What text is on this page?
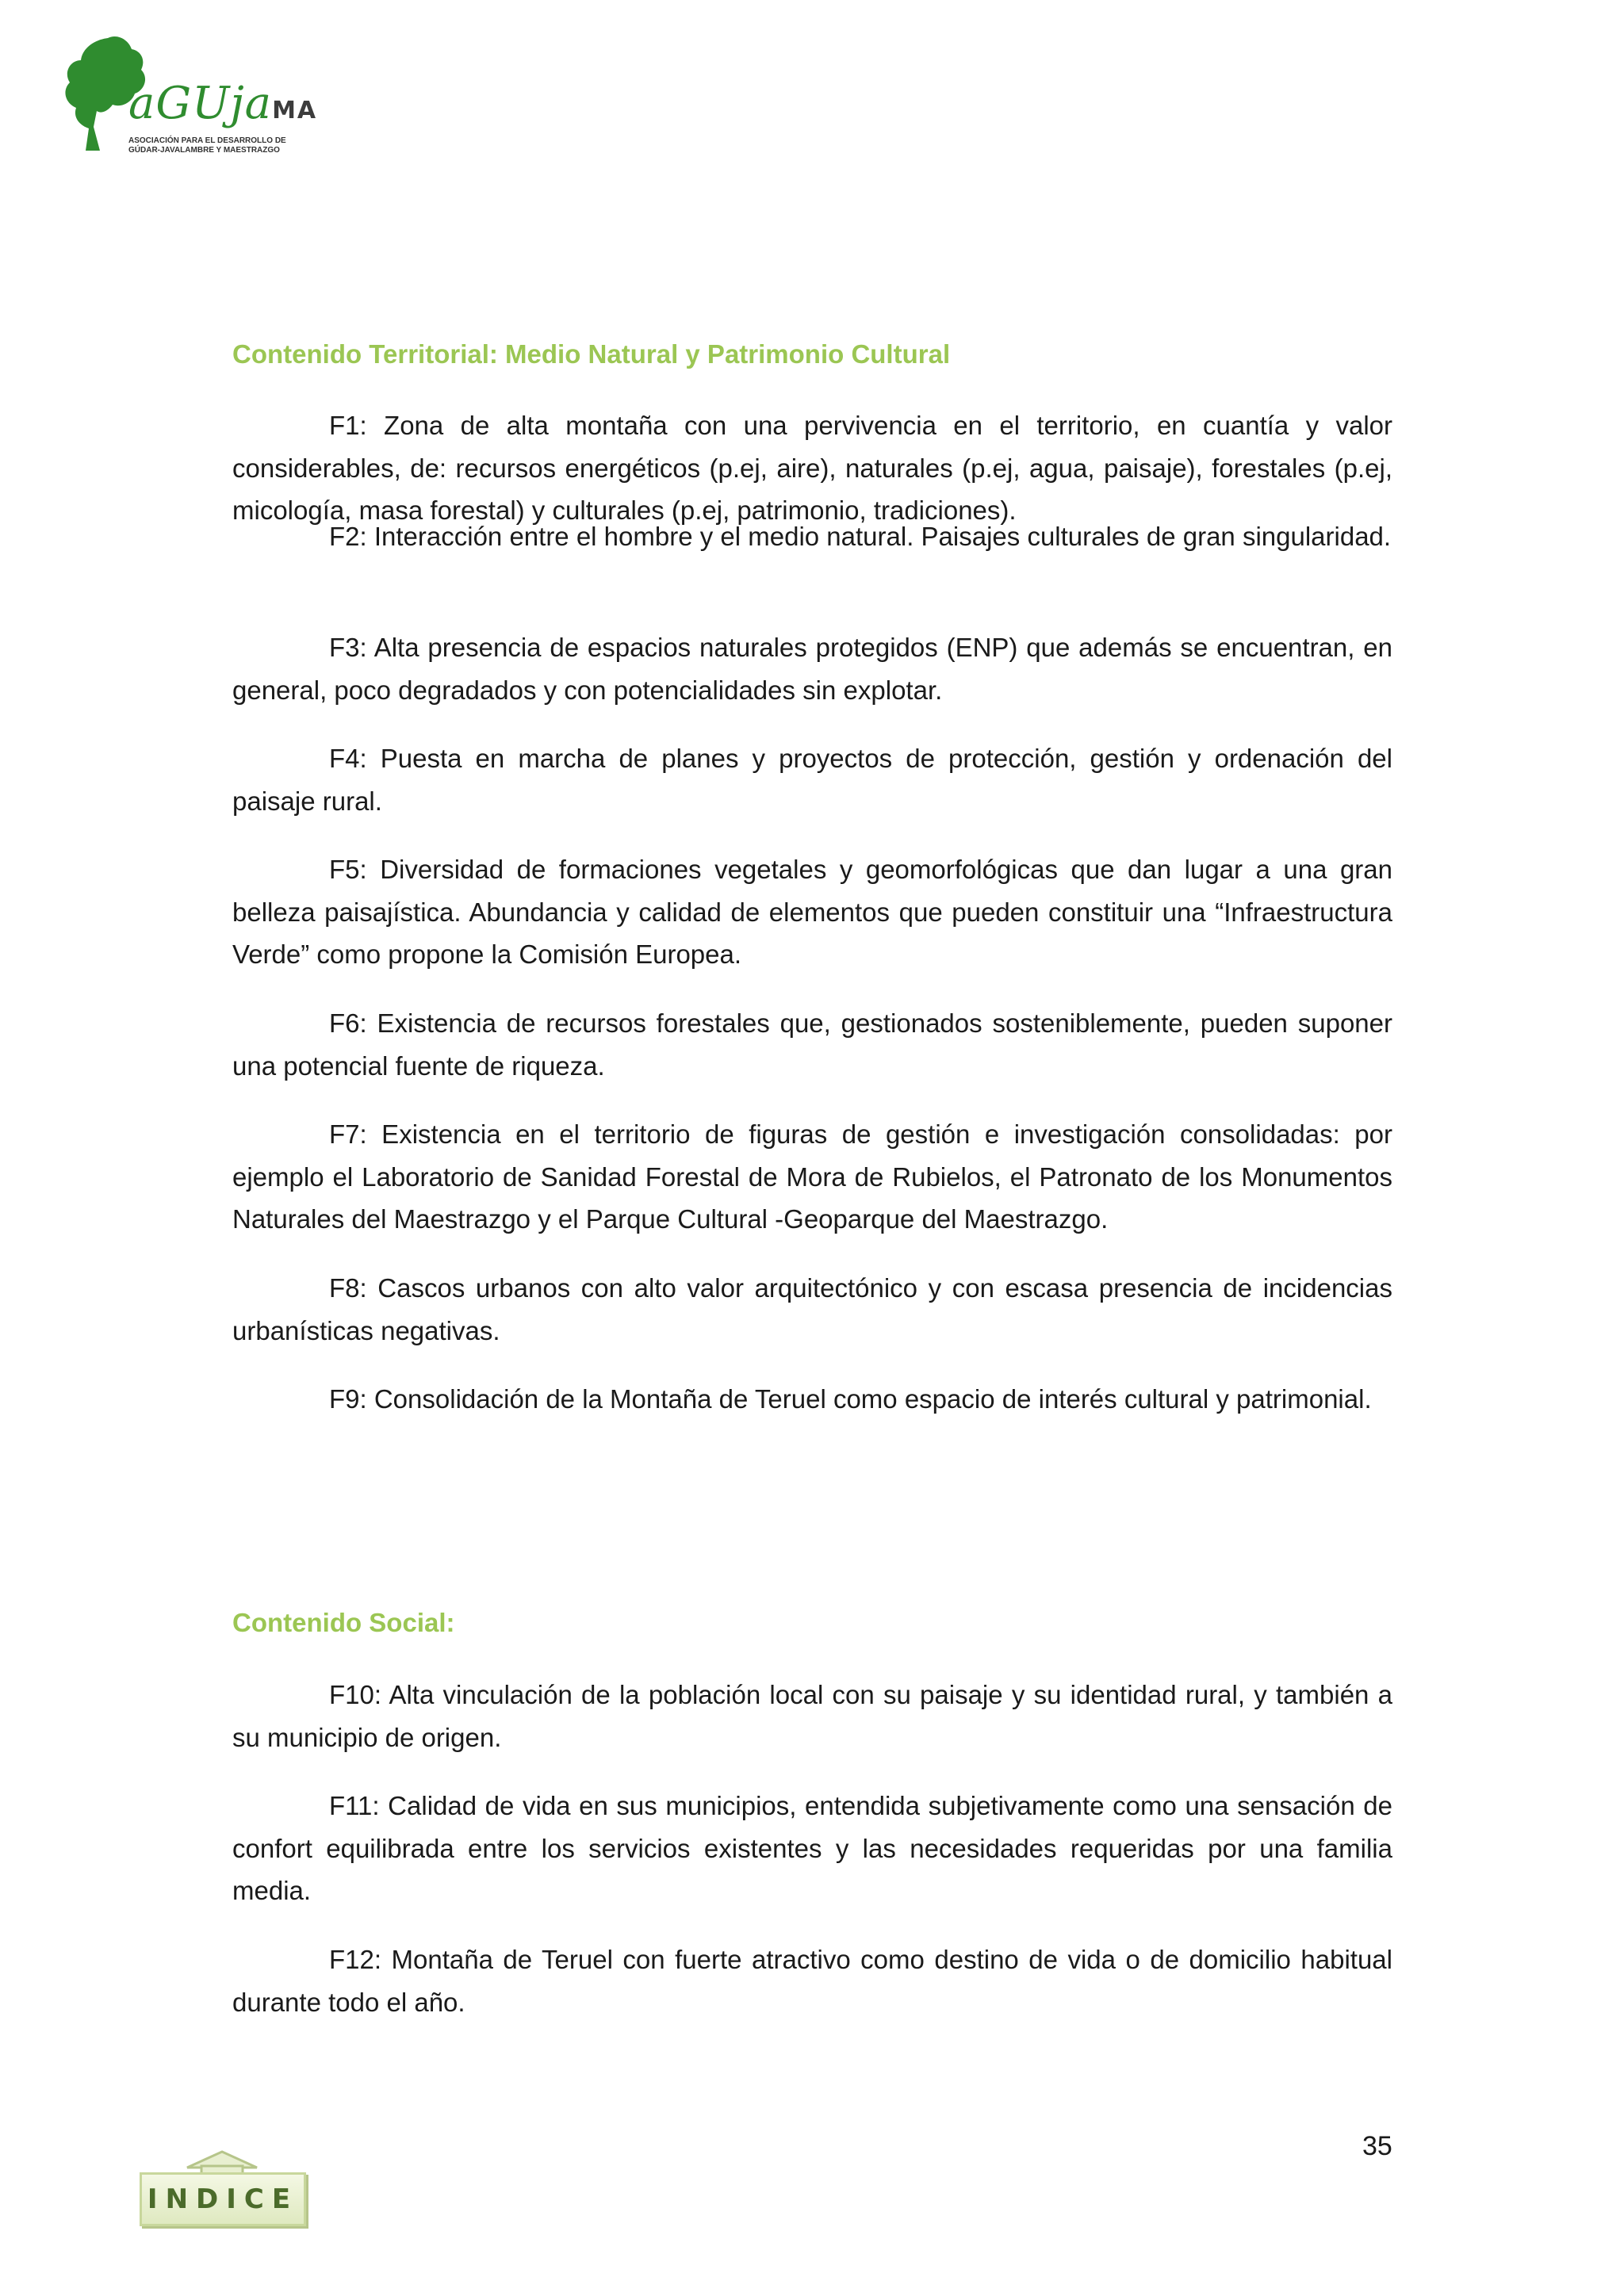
aGUjaMA
ASOCIACIÓN PARA EL DESARROLLO DE GÚDAR-JAVALAMBRE Y MAESTRAZGO
Contenido Territorial: Medio Natural y Patrimonio Cultural

F1: Zona de alta montaña con una pervivencia en el territorio, en cuantía y valor considerables, de: recursos energéticos (p.ej, aire), naturales (p.ej, agua, paisaje), forestales (p.ej, micología, masa forestal) y culturales (p.ej, patrimonio, tradiciones).

F2: Interacción entre el hombre y el medio natural. Paisajes culturales de gran singularidad.

F3: Alta presencia de espacios naturales protegidos (ENP) que además se encuentran, en general, poco degradados y con potencialidades sin explotar.

F4: Puesta en marcha de planes y proyectos de protección, gestión y ordenación del paisaje rural.

F5: Diversidad de formaciones vegetales y geomorfológicas que dan lugar a una gran belleza paisajística. Abundancia y calidad de elementos que pueden constituir una “Infraestructura Verde” como propone la Comisión Europea.

F6: Existencia de recursos forestales que, gestionados sosteniblemente, pueden suponer una potencial fuente de riqueza.

F7: Existencia en el territorio de figuras de gestión e investigación consolidadas: por ejemplo el Laboratorio de Sanidad Forestal de Mora de Rubielos, el Patronato de los Monumentos Naturales del Maestrazgo y el Parque Cultural -Geoparque del Maestrazgo.

F8: Cascos urbanos con alto valor arquitectónico y con escasa presencia de incidencias urbanísticas negativas.

F9: Consolidación de la Montaña de Teruel como espacio de interés cultural y patrimonial.

Contenido Social:

F10: Alta vinculación de la población local con su paisaje y su identidad rural, y también a su municipio de origen.

F11: Calidad de vida en sus municipios, entendida subjetivamente como una sensación de confort equilibrada entre los servicios existentes y las necesidades requeridas por una familia media.

F12: Montaña de Teruel con fuerte atractivo como destino de vida o de domicilio habitual durante todo el año.

35
INDICE
